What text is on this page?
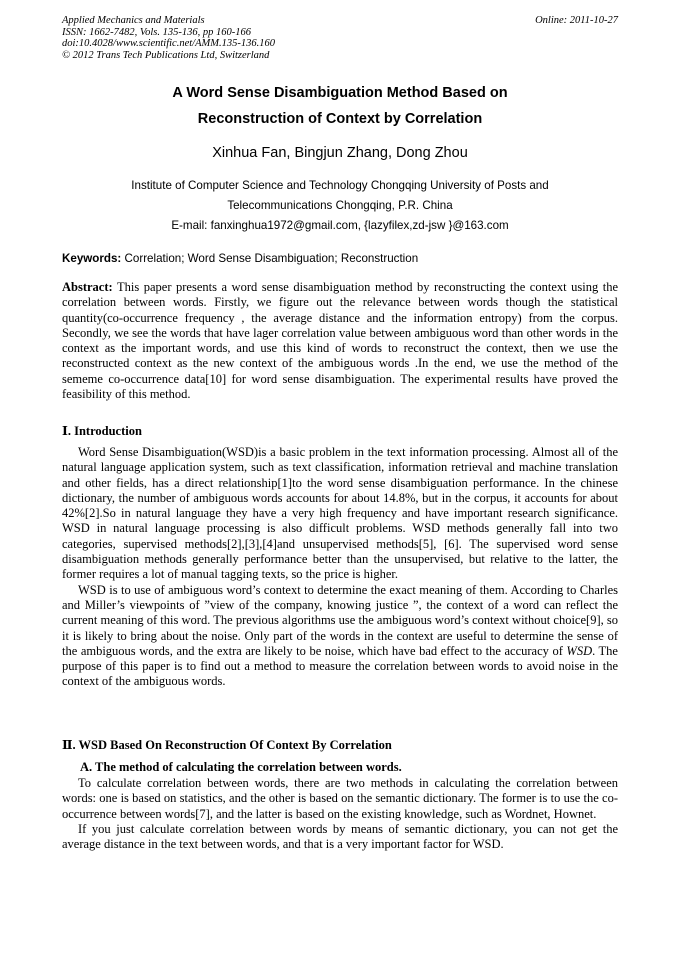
Applied Mechanics and Materials
ISSN: 1662-7482, Vols. 135-136, pp 160-166
doi:10.4028/www.scientific.net/AMM.135-136.160
© 2012 Trans Tech Publications Ltd, Switzerland
Online: 2011-10-27
A Word Sense Disambiguation Method Based on
Reconstruction of Context by Correlation
Xinhua Fan, Bingjun Zhang, Dong Zhou
Institute of Computer Science and Technology Chongqing University of Posts and
Telecommunications Chongqing, P.R. China
E-mail: fanxinghua1972@gmail.com, {lazyfilex,zd-jsw }@163.com
Keywords: Correlation; Word Sense Disambiguation; Reconstruction

Abstract: This paper presents a word sense disambiguation method by reconstructing the context using the correlation between words. Firstly, we figure out the relevance between words though the statistical quantity(co-occurrence frequency , the average distance and the information entropy) from the corpus. Secondly, we see the words that have lager correlation value between ambiguous word than other words in the context as the important words, and use this kind of words to reconstruct the context, then we use the reconstructed context as the new context of the ambiguous words .In the end, we use the method of the sememe co-occurrence data[10] for word sense disambiguation. The experimental results have proved the feasibility of this method.

Ⅰ. Introduction

Word Sense Disambiguation(WSD)is a basic problem in the text information processing. Almost all of the natural language application system, such as text classification, information retrieval and machine translation and other fields, has a direct relationship[1]to the word sense disambiguation performance. In the chinese dictionary, the number of ambiguous words accounts for about 14.8%, but in the corpus, it accounts for about 42%[2].So in natural language they have a very high frequency and have important research significance. WSD in natural language processing is also difficult problems. WSD methods generally fall into two categories, supervised methods[2],[3],[4]and unsupervised methods[5], [6]. The supervised word sense disambiguation methods generally performance better than the unsupervised, but relative to the latter, the former requires a lot of manual tagging texts, so the price is higher.

WSD is to use of ambiguous word’s context to determine the exact meaning of them. According to Charles and Miller’s viewpoints of ”view of the company, knowing justice ”, the context of a word can reflect the current meaning of this word. The previous algorithms use the ambiguous word’s context without choice[9], so it is likely to bring about the noise. Only part of the words in the context are useful to determine the sense of the ambiguous words, and the extra are likely to be noise, which have bad effect to the accuracy of WSD. The purpose of this paper is to find out a method to measure the correlation between words to avoid noise in the context of the ambiguous words.

Ⅱ. WSD Based On Reconstruction Of Context By Correlation
A. The method of calculating the correlation between words.

To calculate correlation between words, there are two methods in calculating the correlation between words: one is based on statistics, and the other is based on the semantic dictionary. The former is to use the co-occurrence between words[7], and the latter is based on the existing knowledge, such as Wordnet, Hownet.

If you just calculate correlation between words by means of semantic dictionary, you can not get the average distance in the text between words, and that is a very important factor for WSD.
